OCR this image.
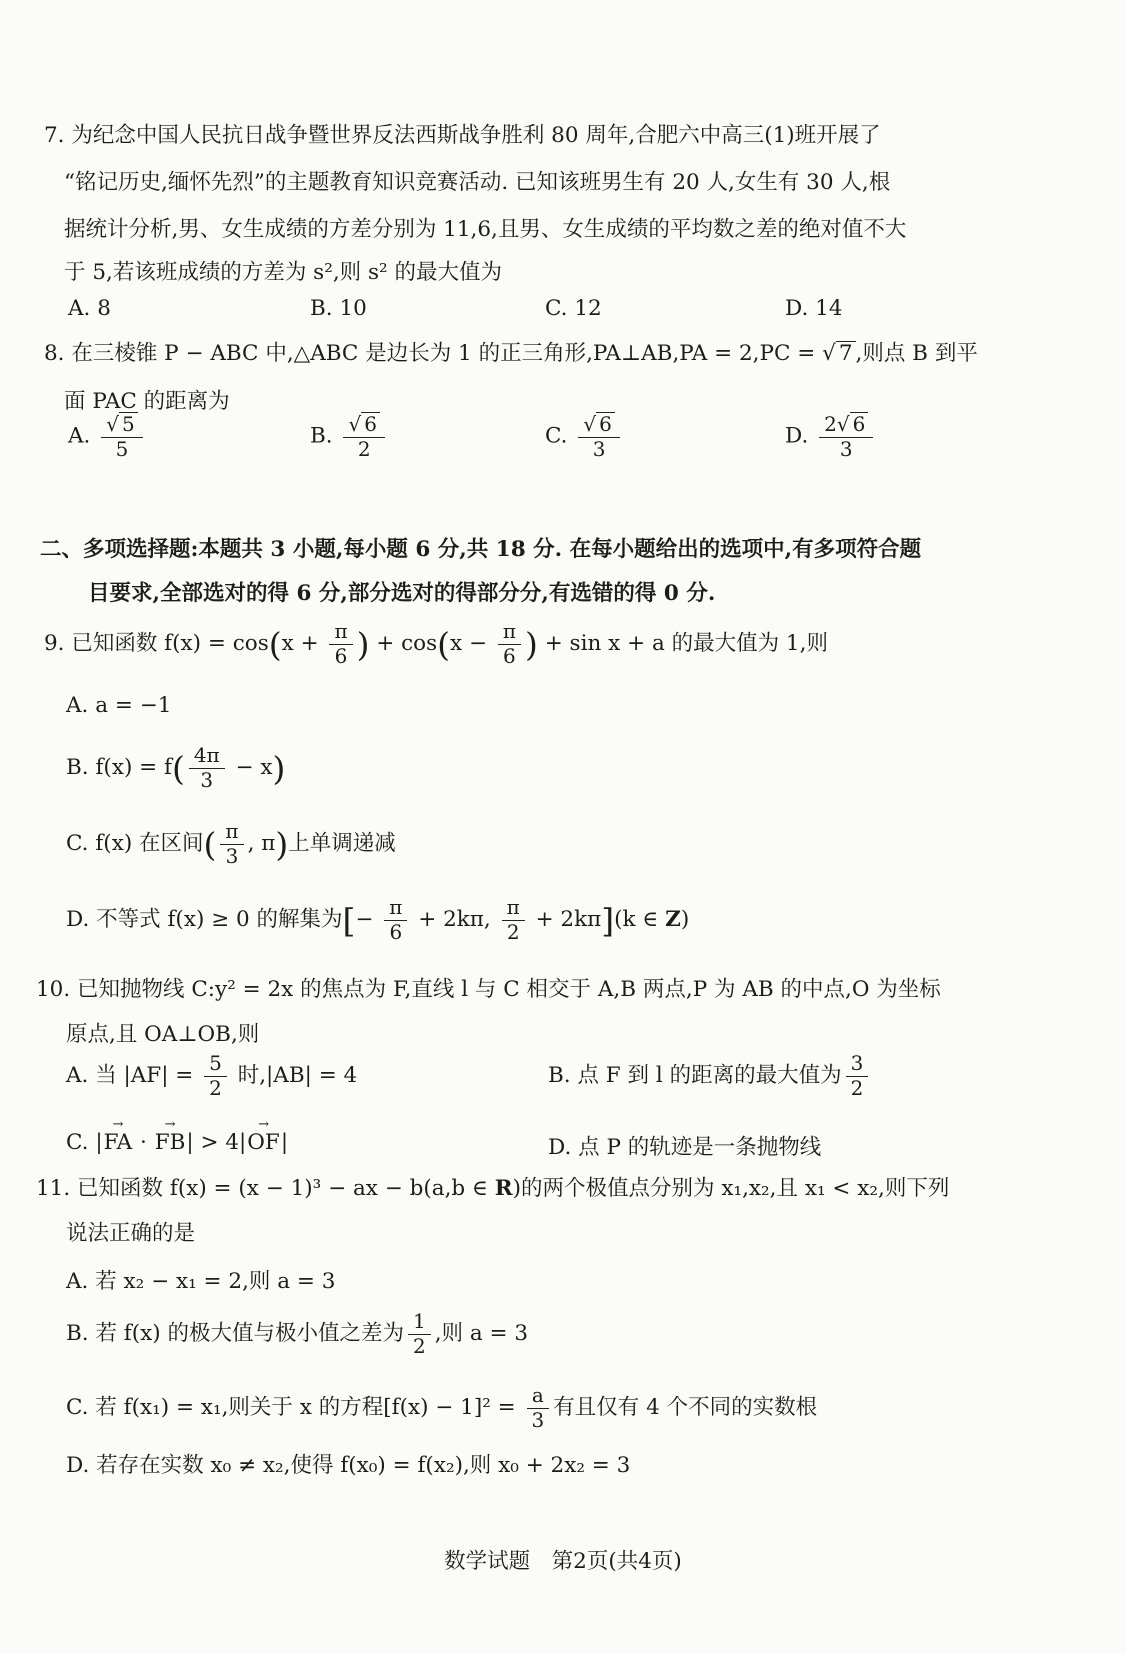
7. 为纪念中国人民抗日战争暨世界反法西斯战争胜利 80 周年,合肥六中高三(1)班开展了

“铭记历史,缅怀先烈”的主题教育知识竞赛活动. 已知该班男生有 20 人,女生有 30 人,根

据统计分析,男、女生成绩的方差分别为 11,6,且男、女生成绩的平均数之差的绝对值不大

于 5,若该班成绩的方差为 s²,则 s² 的最大值为

A. 8	B. 10	C. 12	D. 14

8. 在三棱锥 P − ABC 中,△ABC 是边长为 1 的正三角形,PA⊥AB,PA = 2,PC = √ 7 ,则点 B 到平

面 PAC 的距离为

A. √ $\frac{5}{5}$	B. √ $\frac{6}{2}$	C. √ $\frac{6}{3}$	D. $\frac{2 √ 6}{3}$

二、多项选择题:本题共 3 小题,每小题 6 分,共 18 分. 在每小题给出的选项中,有多项符合题

目要求,全部选对的得 6 分,部分选对的得部分分,有选错的得 0 分.

9. 已知函数 $f(x) = \cos x + \frac{\pi}{6} + \cos x - \frac{\pi}{6} + \sin x + a$ 的最大值为 1,则

A. a = −1

B. f(x) = f $\frac{4\pi}{3} - x$

C. f(x) 在区间 $\frac{\pi}{3}$ , π 上单调递减

D. 不等式 f(x) ≥ 0 的解集为 − $\frac{\pi}{6} + 2k\pi$, $\frac{\pi}{2} + 2k\pi$ (k ∈ Z)

10. 已知抛物线 C:y² = 2x 的焦点为 F,直线 l 与 C 相交于 A,B 两点,P 为 AB 的中点,O 为坐标

原点,且 OA⊥OB,则

A. 当 $|AF| = \frac{5}{2}$ 时,|AB| = 4	B. 点 F 到 l 的距离的最大值为 $\frac{3}{2}$
C. |→ FA · → FB| > 4|→ OF|	D. 点 P 的轨迹是一条抛物线

11. 已知函数 f(x) = (x − 1)³ − ax − b(a,b ∈ R)的两个极值点分别为 x₁,x₂,且 x₁ < x₂,则下列

说法正确的是

A. 若 x₂ − x₁ = 2,则 a = 3

B. 若 f(x) 的极大值与极小值之差为 $\frac{1}{2}$ ,则 a = 3

C. 若 f(x₁) = x₁,则关于 x 的方程$[f(x) - 1]^2 = \frac{a}{3}$ 有且仅有 4 个不同的实数根

D. 若存在实数 x₀ ≠ x₂,使得 f(x₀) = f(x₂),则 x₀ + 2x₂ = 3

数学试题　第2页(共4页)
